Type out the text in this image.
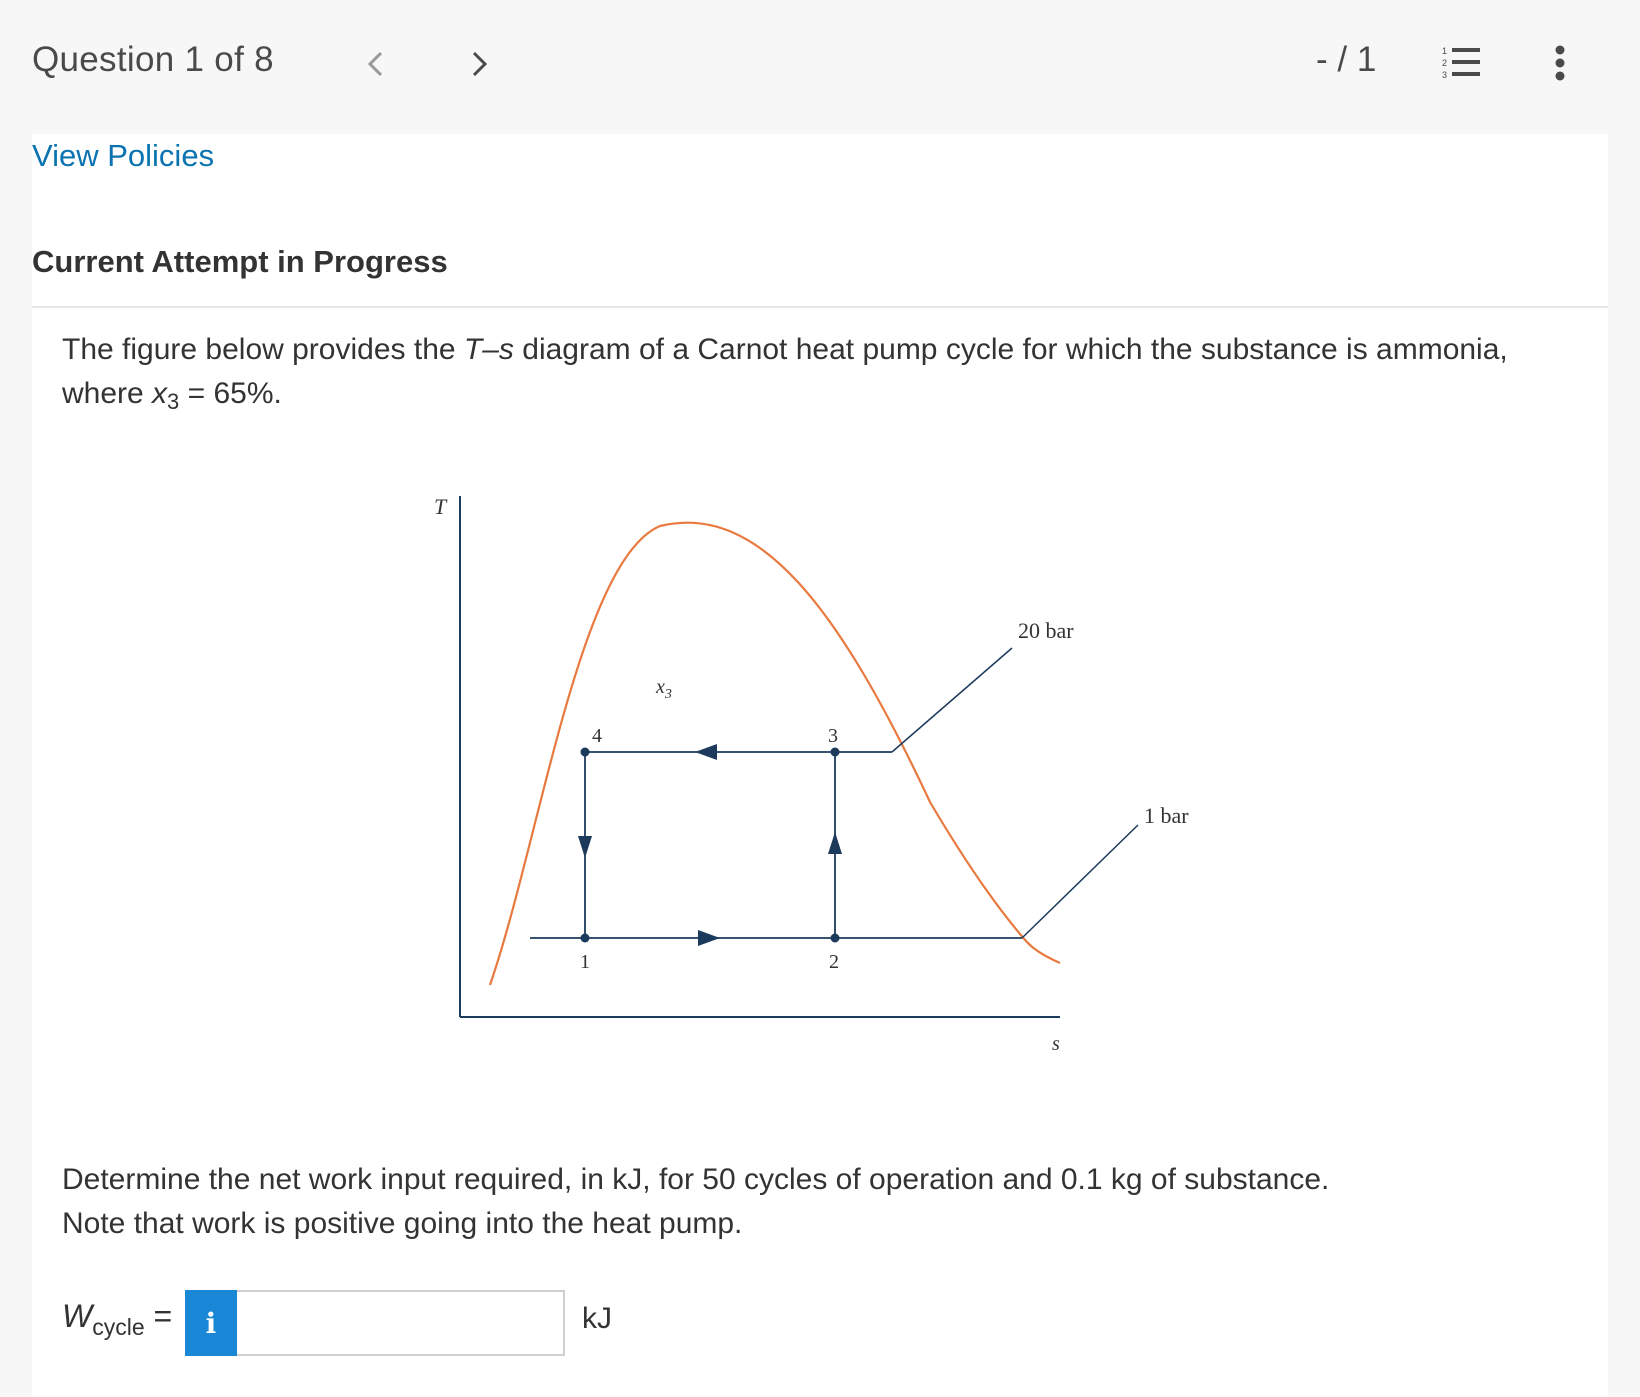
Question 1 of 8	- / 1	1
2
3
View Policies
Current Attempt in Progress
The figure below provides the T–s diagram of a Carnot heat pump cycle for which the substance is ammonia, where $x_3 = 65\%$.
T
s
20 bar
1 bar
4	3
1	2
$x_3$
Determine the net work input required, in kJ, for 50 cycles of operation and 0.1 kg of substance.
Note that work is positive going into the heat pump.
$W_{cycle}$ =	i	kJ
